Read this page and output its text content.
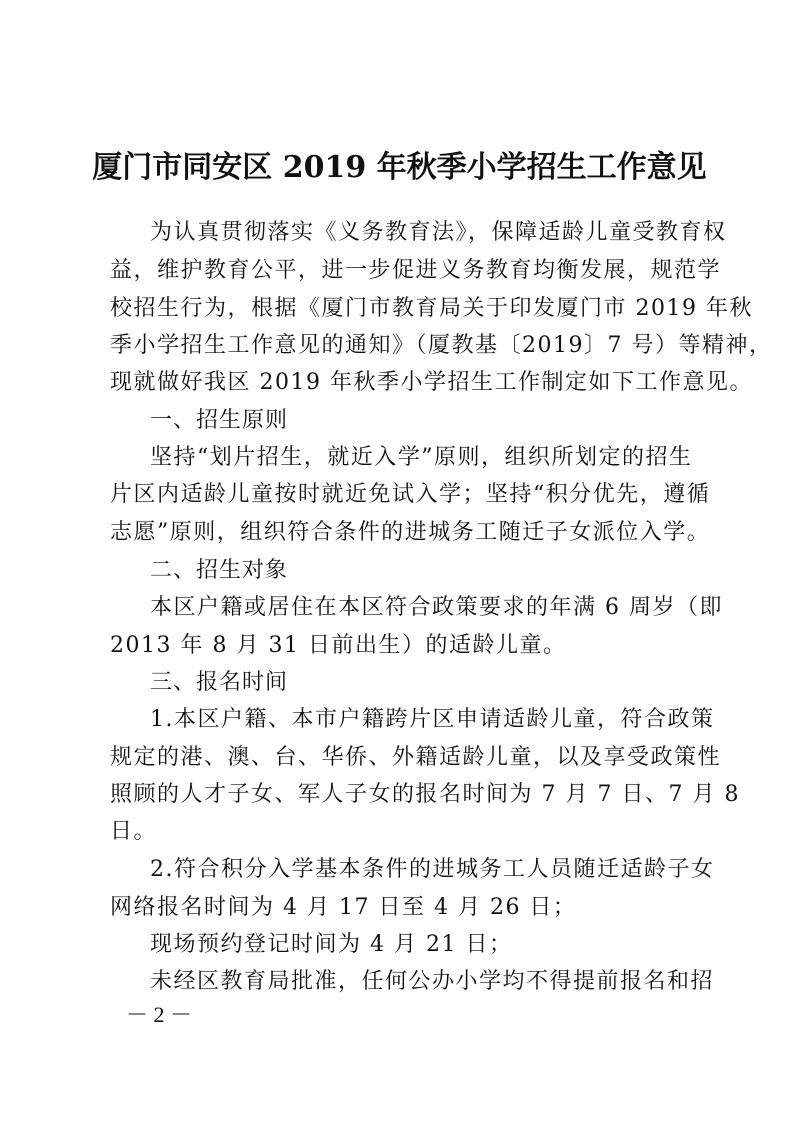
厦门市同安区 2019 年秋季小学招生工作意见
为认真贯彻落实《义务教育法》，保障适龄儿童受教育权
益，维护教育公平，进一步促进义务教育均衡发展，规范学
校招生行为，根据《厦门市教育局关于印发厦门市 2019 年秋
季小学招生工作意见的通知》（厦教基〔2019〕7 号）等精神，
现就做好我区 2019 年秋季小学招生工作制定如下工作意见。
一、招生原则
坚持“划片招生，就近入学”原则，组织所划定的招生
片区内适龄儿童按时就近免试入学；坚持“积分优先，遵循
志愿”原则，组织符合条件的进城务工随迁子女派位入学。
二、招生对象
本区户籍或居住在本区符合政策要求的年满 6 周岁（即
2013 年 8 月 31 日前出生）的适龄儿童。
三、报名时间
1.本区户籍、本市户籍跨片区申请适龄儿童，符合政策
规定的港、澳、台、华侨、外籍适龄儿童，以及享受政策性
照顾的人才子女、军人子女的报名时间为 7 月 7 日、7 月 8
日。
2.符合积分入学基本条件的进城务工人员随迁适龄子女
网络报名时间为 4 月 17 日至 4 月 26 日；
现场预约登记时间为 4 月 21 日；
未经区教育局批准，任何公办小学均不得提前报名和招
－ 2 －
